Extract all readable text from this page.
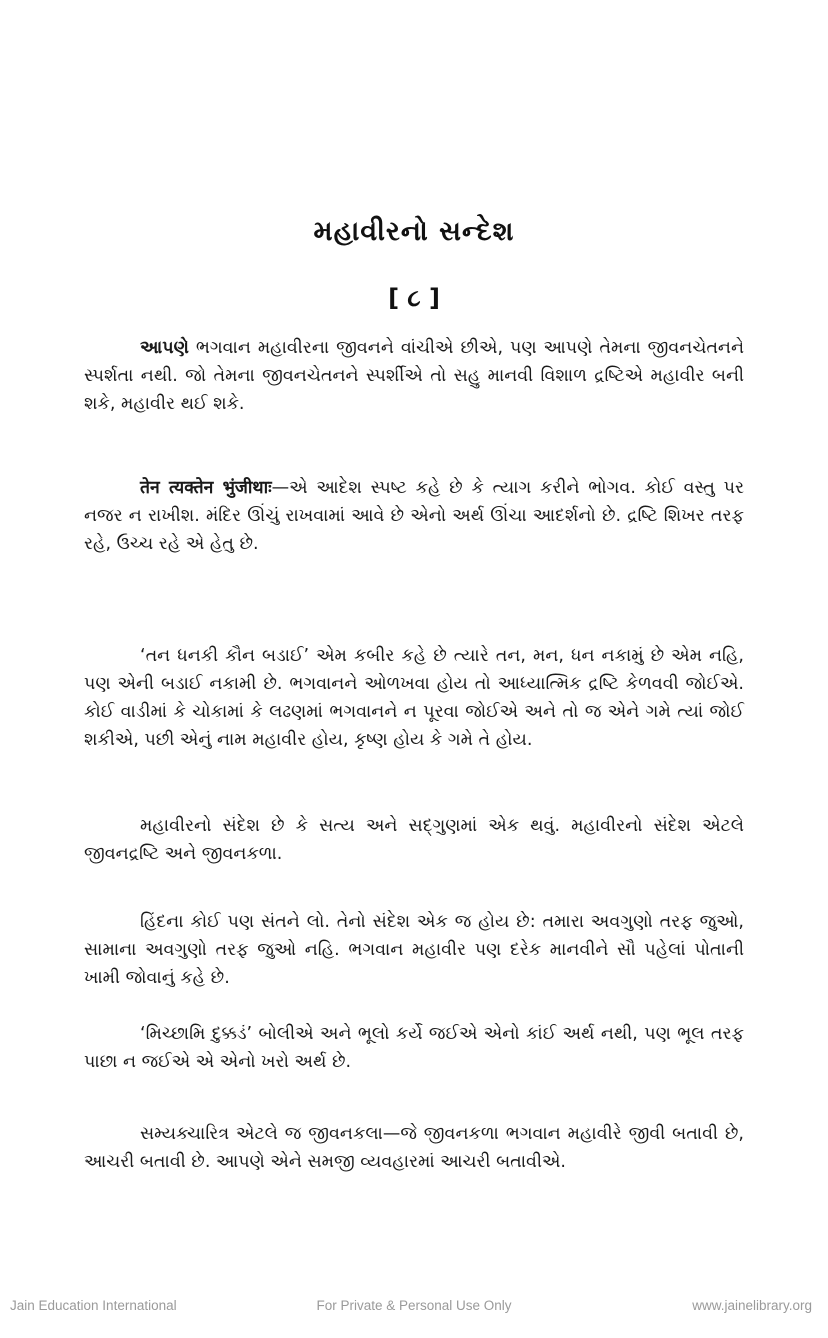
મહાવીરનો સન્દેશ
[ ૮ ]

આપણે ભગવાન મહાવીરના જીવનને વાંચીએ છીએ, પણ આપણે તેમના જીવનચેતનને સ્પર્શતા નથી. જો તેમના જીવનચેતનને સ્પર્શીએ તો સહુ માનવી વિશાળ દ્રષ્ટિએ મહાવીર બની શકે, મહાવીર થઈ શકે.

तेन त्यक्तेन भुंजीथाः—એ આદેશ સ્પષ્ટ કહે છે કે ત્યાગ કરીને ભોગવ. કોઈ વસ્તુ પર નજર ન રાખીશ. મંદિર ઊંચું રાખવામાં આવે છે એનો અર્થ ઊંચા આદર્શનો છે. દ્રષ્ટિ શિખર તરફ રહે, ઉચ્ચ રહે એ હેતુ છે.

‘તન ધનકી કૌન બડાઈ’ એમ કબીર કહે છે ત્યારે તન, મન, ધન નકામું છે એમ નહિ, પણ એની બડાઈ નકામી છે. ભગવાનને ઓળખવા હોય તો આધ્યાત્મિક દ્રષ્ટિ કેળવવી જોઈએ. કોઈ વાડીમાં કે ચોકામાં કે લઢણમાં ભગવાનને ન પૂરવા જોઈએ અને તો જ એને ગમે ત્યાં જોઈ શકીએ, પછી એનું નામ મહાવીર હોય, કૃષ્ણ હોય કે ગમે તે હોય.

મહાવીરનો સંદેશ છે કે સત્ય અને સદ્ગુણમાં એક થવું. મહાવીરનો સંદેશ એટલે જીવનદ્રષ્ટિ અને જીવનકળા.

હિંદના કોઈ પણ સંતને લો. તેનો સંદેશ એક જ હોય છે: તમારા અવગુણો તરફ જુઓ, સામાના અવગુણો તરફ જુઓ નહિ. ભગવાન મહાવીર પણ દરેક માનવીને સૌ પહેલાં પોતાની ખામી જોવાનું કહે છે.

‘મિચ્છામિ દુક્કડં’ બોલીએ અને ભૂલો કર્યે જઈએ એનો કાંઈ અર્થ નથી, પણ ભૂલ તરફ પાછા ન જઈએ એ એનો ખરો અર્થ છે.

સમ્યક્ચારિત્ર એટલે જ જીવનકલા—જે જીવનકળા ભગવાન મહાવીરે જીવી બતાવી છે, આચરી બતાવી છે. આપણે એને સમજી વ્યવહારમાં આચરી બતાવીએ.

Jain Education International	For Private & Personal Use Only	www.jainelibrary.org
